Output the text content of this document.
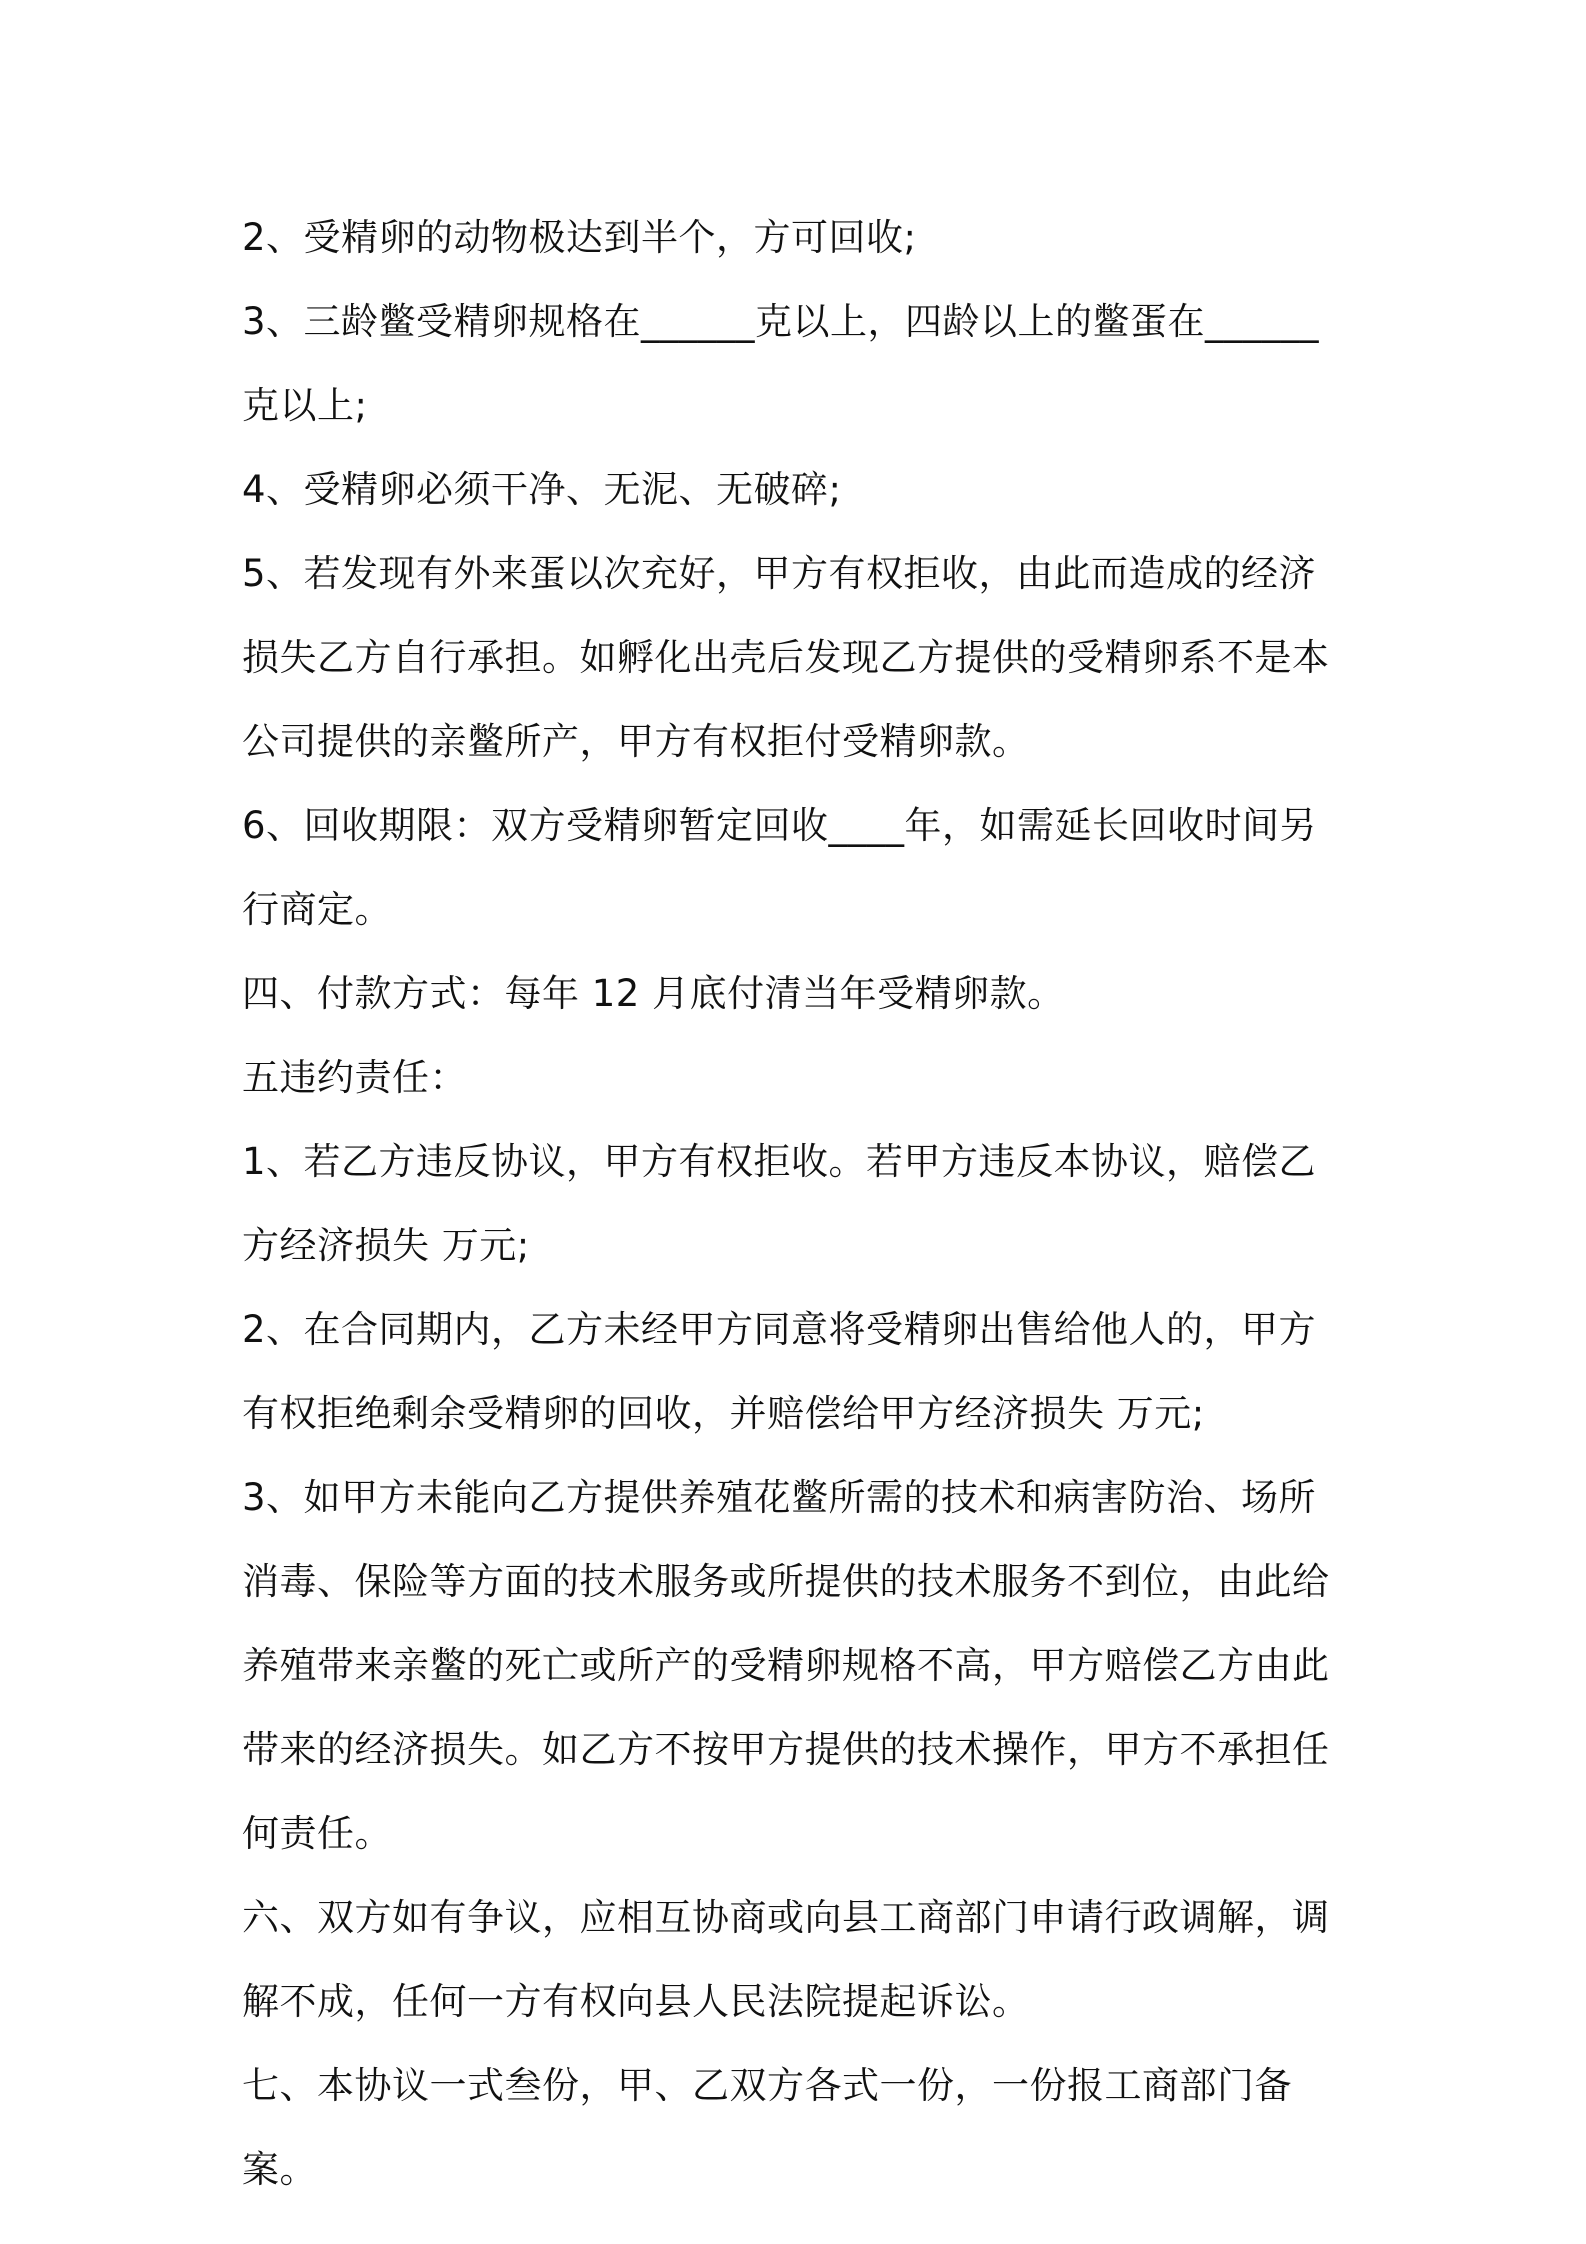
2、受精卵的动物极达到半个，方可回收;

3、三龄鳖受精卵规格在______克以上，四龄以上的鳖蛋在______克以上;

4、受精卵必须干净、无泥、无破碎;

5、若发现有外来蛋以次充好，甲方有权拒收，由此而造成的经济损失乙方自行承担。如孵化出壳后发现乙方提供的受精卵系不是本公司提供的亲鳖所产，甲方有权拒付受精卵款。

6、回收期限：双方受精卵暂定回收____年，如需延长回收时间另行商定。

四、付款方式：每年 12 月底付清当年受精卵款。

五违约责任：

1、若乙方违反协议，甲方有权拒收。若甲方违反本协议，赔偿乙方经济损失 万元;

2、在合同期内，乙方未经甲方同意将受精卵出售给他人的，甲方有权拒绝剩余受精卵的回收，并赔偿给甲方经济损失 万元;

3、如甲方未能向乙方提供养殖花鳖所需的技术和病害防治、场所消毒、保险等方面的技术服务或所提供的技术服务不到位，由此给养殖带来亲鳖的死亡或所产的受精卵规格不高，甲方赔偿乙方由此带来的经济损失。如乙方不按甲方提供的技术操作，甲方不承担任何责任。

六、双方如有争议，应相互协商或向县工商部门申请行政调解，调解不成，任何一方有权向县人民法院提起诉讼。

七、本协议一式叁份，甲、乙双方各式一份，一份报工商部门备案。
